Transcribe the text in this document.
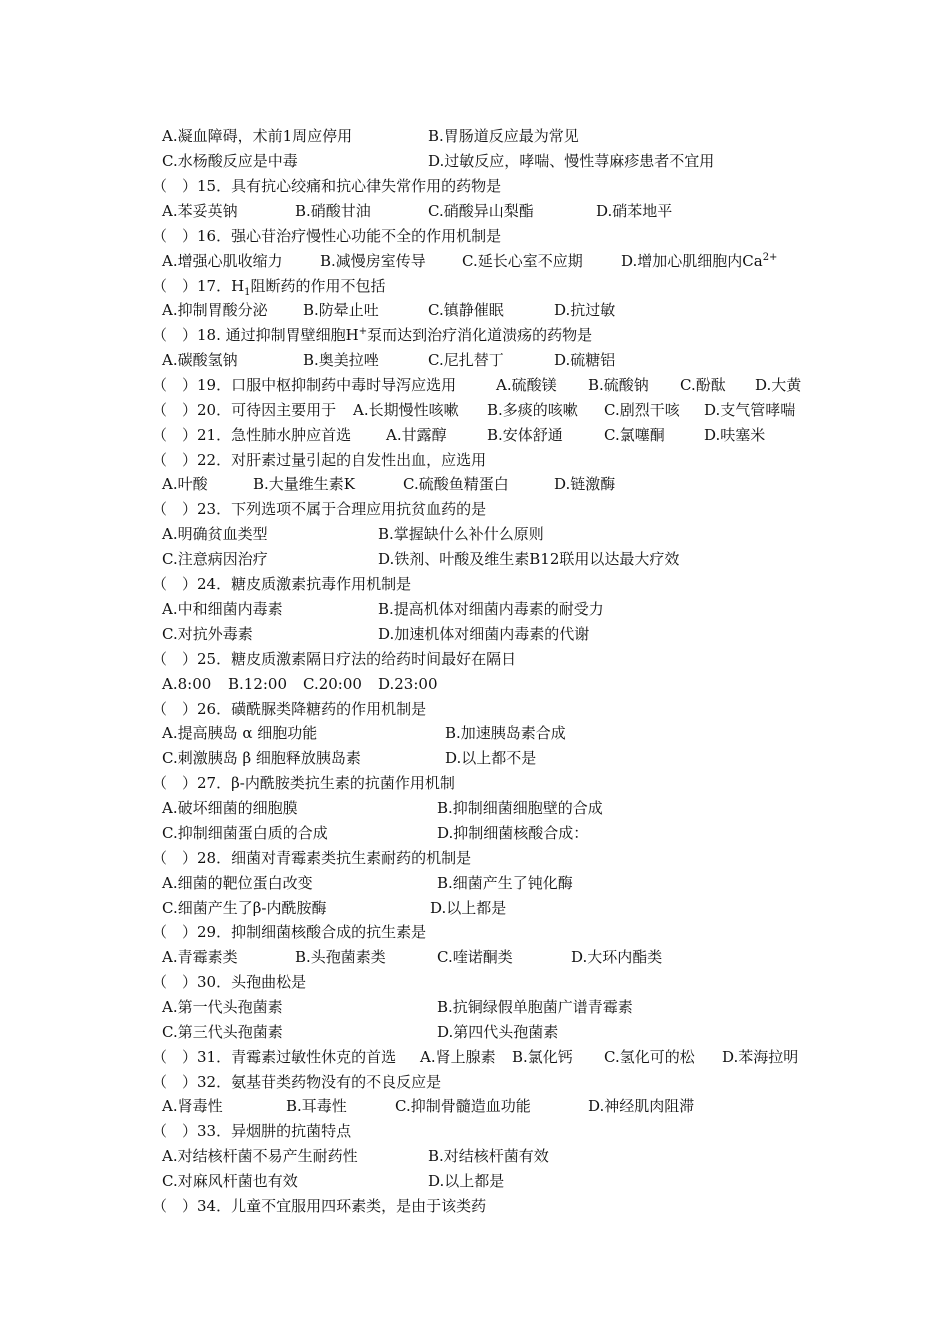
A.凝血障碍，术前1周应停用	B.胃肠道反应最为常见
C.水杨酸反应是中毒	D.过敏反应，哮喘、慢性荨麻疹患者不宜用
（　）15．具有抗心绞痛和抗心律失常作用的药物是
A.苯妥英钠	B.硝酸甘油	C.硝酸异山梨酯	D.硝苯地平
（　）16．强心苷治疗慢性心功能不全的作用机制是
A.增强心肌收缩力 B.减慢房室传导 C.延长心室不应期	D.增加心肌细胞内$Ca^{2+}$
（　）17．$H_1$阻断药的作用不包括
A.抑制胃酸分泌 B.防晕止吐	C.镇静催眠	D.抗过敏
（　）18. 通过抑制胃壁细胞H+泵而达到治疗消化道溃疡的药物是
A.碳酸氢钠	B.奥美拉唑	C.尼扎替丁	D.硫糖铝
（　）19．口服中枢抑制药中毒时导泻应选用	A.硫酸镁 B.硫酸钠 C.酚酞 D.大黄
（　）20．可待因主要用于 A.长期慢性咳嗽 B.多痰的咳嗽 C.剧烈干咳 D.支气管哮喘
（　）21．急性肺水肿应首选 A.甘露醇	B.安体舒通	C.氯噻酮	D.呋塞米
（　）22．对肝素过量引起的自发性出血，应选用
A.叶酸	B.大量维生素K	C.硫酸鱼精蛋白	D.链激酶
（　）23．下列选项不属于合理应用抗贫血药的是
A.明确贫血类型	B.掌握缺什么补什么原则
C.注意病因治疗	D.铁剂、叶酸及维生素B12联用以达最大疗效
（　）24．糖皮质激素抗毒作用机制是
A.中和细菌内毒素	B.提高机体对细菌内毒素的耐受力
C.对抗外毒素	D.加速机体对细菌内毒素的代谢
（　）25．糖皮质激素隔日疗法的给药时间最好在隔日
A.8:00 B.12:00 C.20:00 D.23:00
（　）26．磺酰脲类降糖药的作用机制是
A.提高胰岛 α 细胞功能	B.加速胰岛素合成
C.刺激胰岛 β 细胞释放胰岛素	D.以上都不是
（　）27．β-内酰胺类抗生素的抗菌作用机制
A.破坏细菌的细胞膜	B.抑制细菌细胞壁的合成
C.抑制细菌蛋白质的合成	D.抑制细菌核酸合成：
（　）28．细菌对青霉素类抗生素耐药的机制是
A.细菌的靶位蛋白改变	B.细菌产生了钝化酶
C.细菌产生了β-内酰胺酶	D.以上都是
（　）29．抑制细菌核酸合成的抗生素是
A.青霉素类	B.头孢菌素类	C.喹诺酮类	D.大环内酯类
（　）30．头孢曲松是
A.第一代头孢菌素	B.抗铜绿假单胞菌广谱青霉素
C.第三代头孢菌素	D.第四代头孢菌素
（　）31．青霉素过敏性休克的首选 A.肾上腺素 B.氯化钙 C.氢化可的松 D.苯海拉明
（　）32．氨基苷类药物没有的不良反应是
A.肾毒性	B.耳毒性	C.抑制骨髓造血功能	D.神经肌肉阻滞
（　）33．异烟肼的抗菌特点
A.对结核杆菌不易产生耐药性	B.对结核杆菌有效
C.对麻风杆菌也有效	D.以上都是
（　）34．儿童不宜服用四环素类，是由于该类药
